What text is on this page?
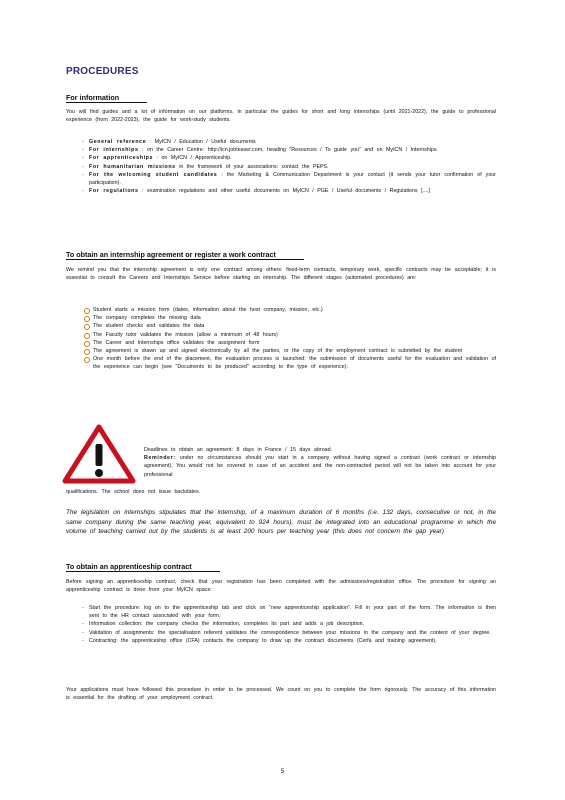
PROCEDURES
For information
You will find guides and a lot of information on our platforms, in particular the guides for short and long internships (until 2021-2022), the guide to professional experience (from 2022-2023), the guide for work-study students.
- General reference : MyICN / Education / Useful documents
- For internships : on the Career Centre: http://icn.jobteaser.com, heading "Resources / To guide you" and on MyICN / Internships.
- For apprenticeships : on MyICN / Apprenticeship.
- For humanitarian missions in the framework of your associations: contact the PEPS.
- For the welcoming student candidates : the Marketing & Communication Department is your contact (it sends your tutor confirmation of your participation).
- For regulations : examination regulations and other useful documents on MyICN / PGE / Useful documents / Regulations [....]
To obtain an internship agreement or register a work contract
We remind you that the internship agreement is only one contract among others: fixed-term contracts, temporary work, specific contracts may be acceptable; it is essential to consult the Careers and Internships Service before starting an internship. The different stages (automated procedures) are:
Student starts a mission form (dates, information about the host company, mission, etc.)
The company completes the missing data
The student checks and validates the data
The Faculty tutor validates the mission (allow a minimum of 48 hours)
The Career and Internships office validates the assignment form
The agreement is drawn up and signed electronically by all the parties, or the copy of the employment contract is submitted by the student
One month before the end of the placement, the evaluation process is launched: the submission of documents useful for the evaluation and validation of the experience can begin (see "Documents to be produced" according to the type of experience).
Deadlines to obtain an agreement: 8 days in France / 15 days abroad.
Reminder: under no circumstances should you start in a company without having signed a contract (work contract or internship agreement). You would not be covered in case of an accident and the non-contracted period will not be taken into account for your professional
qualifications. The school does not issue backdates.
The legislation on internships stipulates that the internship, of a maximum duration of 6 months (i.e. 132 days, consecutive or not, in the same company during the same teaching year, equivalent to 924 hours), must be integrated into an educational programme in which the volume of teaching carried out by the students is at least 200 hours per teaching year (this does not concern the gap year)
To obtain an apprenticeship contract
Before signing an apprenticeship contract, check that your registration has been completed with the admissions/registration office. The procedure for signing an apprenticeship contract is done from your MyICN space:
- Start the procedure: log on to the apprenticeship tab and click on "new apprenticeship application". Fill in your part of the form. The information is then sent to the HR contact associated with your form.
- Information collection: the company checks the information, completes its part and adds a job description.
- Validation of assignments: the specialisation referent validates the correspondence between your missions in the company and the content of your degree.
- Contracting: the apprenticeship office (CFA) contacts the company to draw up the contract documents (Cerfa and training agreement).
Your applications must have followed this procedure in order to be processed. We count on you to complete the form rigorously. The accuracy of this information is essential for the drafting of your employment contract.
5
